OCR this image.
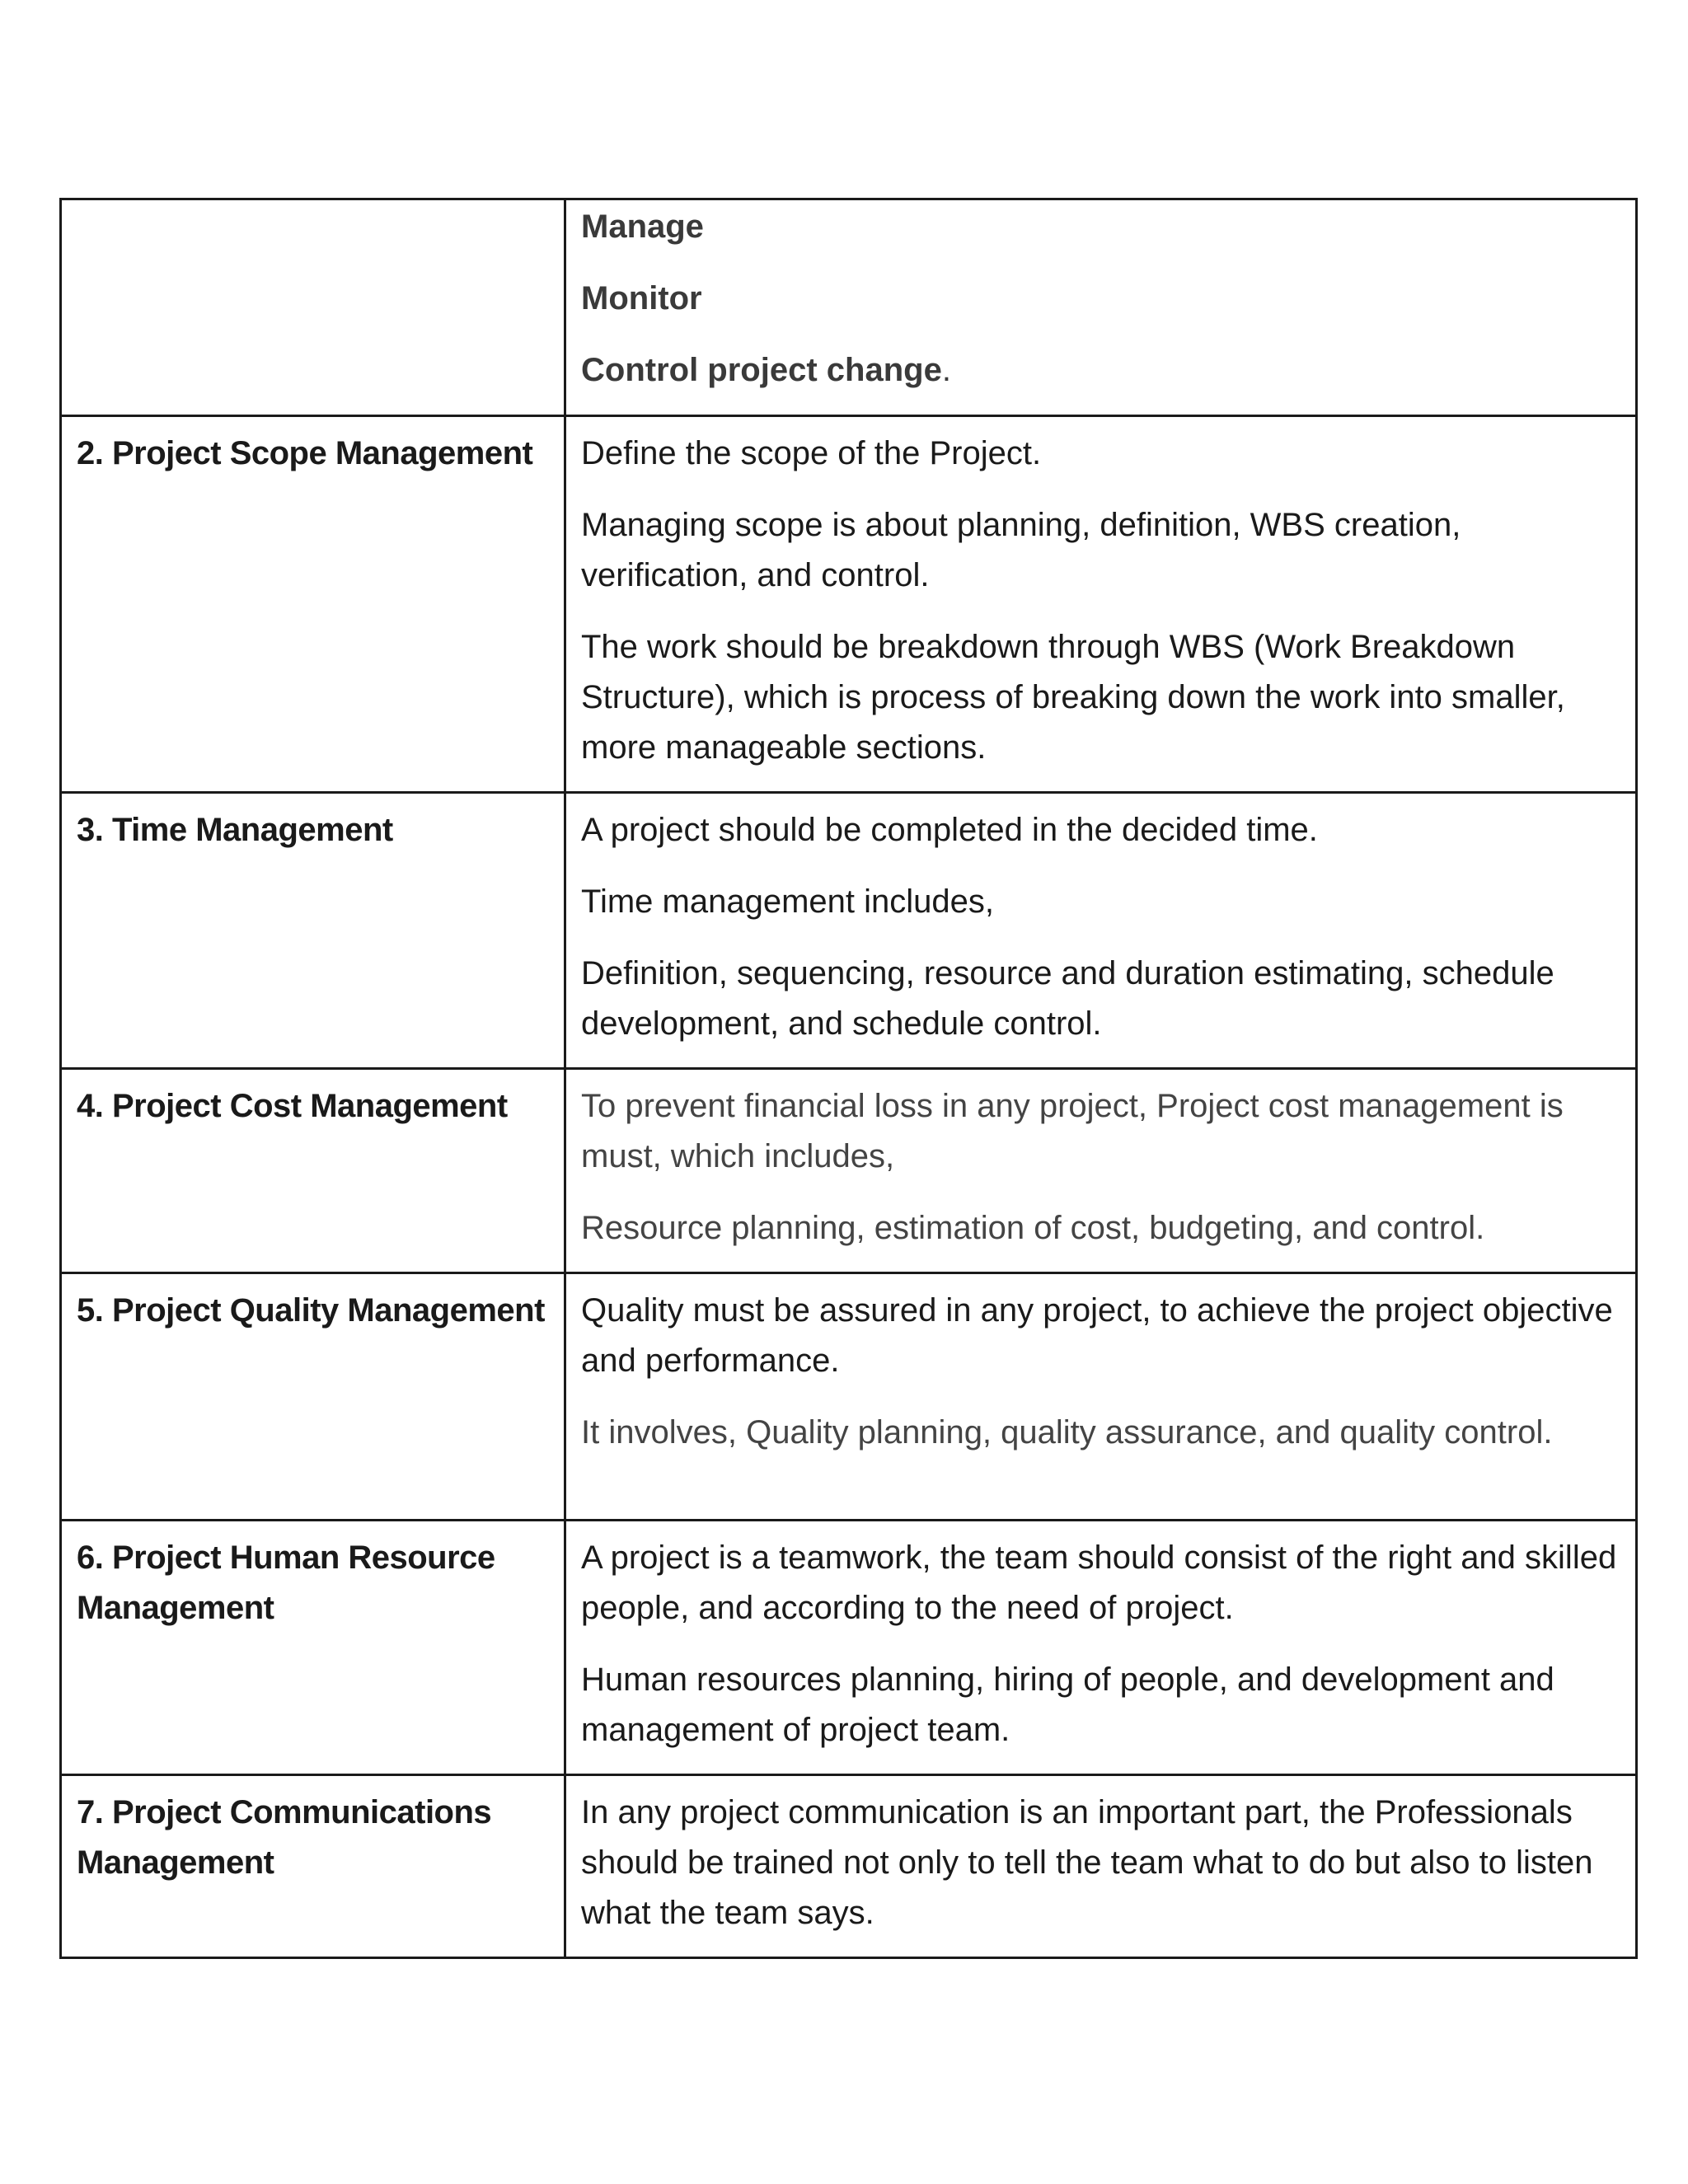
	Manage
Monitor
Control project change.

2. Project Scope Management	Define the scope of the Project.

Managing scope is about planning, definition, WBS creation, verification, and control.

The work should be breakdown through WBS (Work Breakdown Structure), which is process of breaking down the work into smaller, more manageable sections.

3. Time Management	A project should be completed in the decided time.

Time management includes,

Definition, sequencing, resource and duration estimating, schedule development, and schedule control.

4. Project Cost Management	To prevent financial loss in any project, Project cost management is must, which includes,

Resource planning, estimation of cost, budgeting, and control.

5. Project Quality Management	Quality must be assured in any project, to achieve the project objective and performance.

It involves, Quality planning, quality assurance, and quality control.

6. Project Human Resource Management	A project is a teamwork, the team should consist of the right and skilled people, and according to the need of project.

Human resources planning, hiring of people, and development and management of project team.

7. Project Communications Management	In any project communication is an important part, the Professionals should be trained not only to tell the team what to do but also to listen what the team says.
